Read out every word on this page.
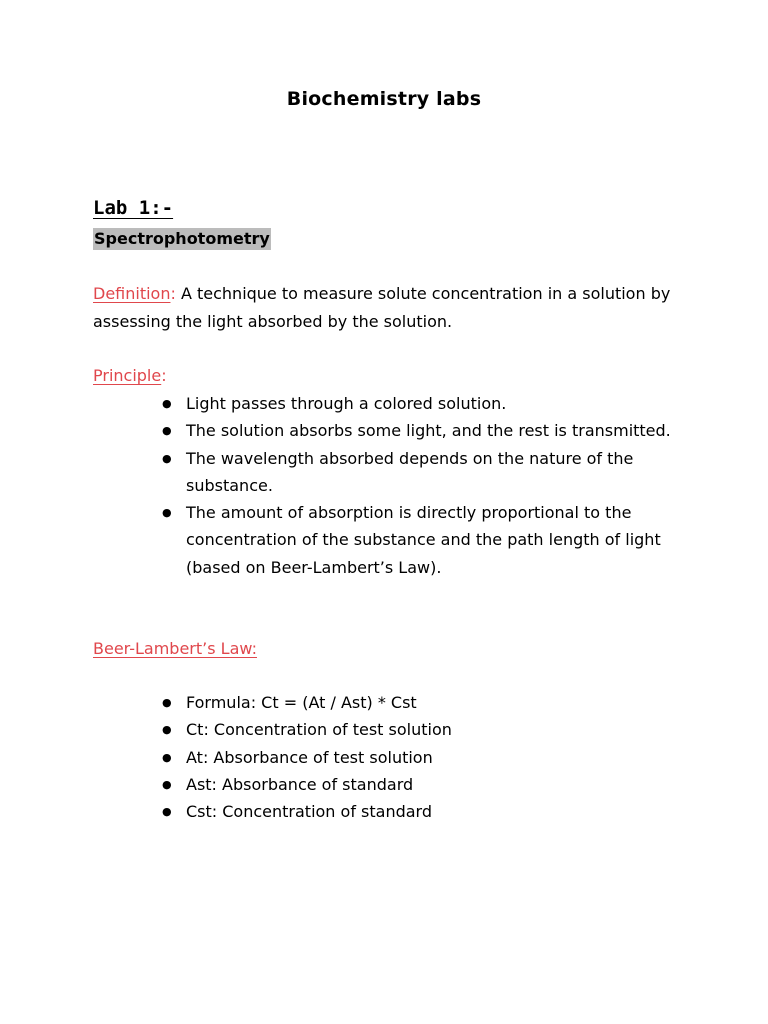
Biochemistry labs
Lab 1:-
Spectrophotometry
Definition: A technique to measure solute concentration in a solution by assessing the light absorbed by the solution.
Principle:
● Light passes through a colored solution.
● The solution absorbs some light, and the rest is transmitted.
● The wavelength absorbed depends on the nature of the substance.
● The amount of absorption is directly proportional to the concentration of the substance and the path length of light (based on Beer-Lambert’s Law).
Beer-Lambert’s Law:
● Formula: Ct = (At / Ast) * Cst
● Ct: Concentration of test solution
● At: Absorbance of test solution
● Ast: Absorbance of standard
● Cst: Concentration of standard
